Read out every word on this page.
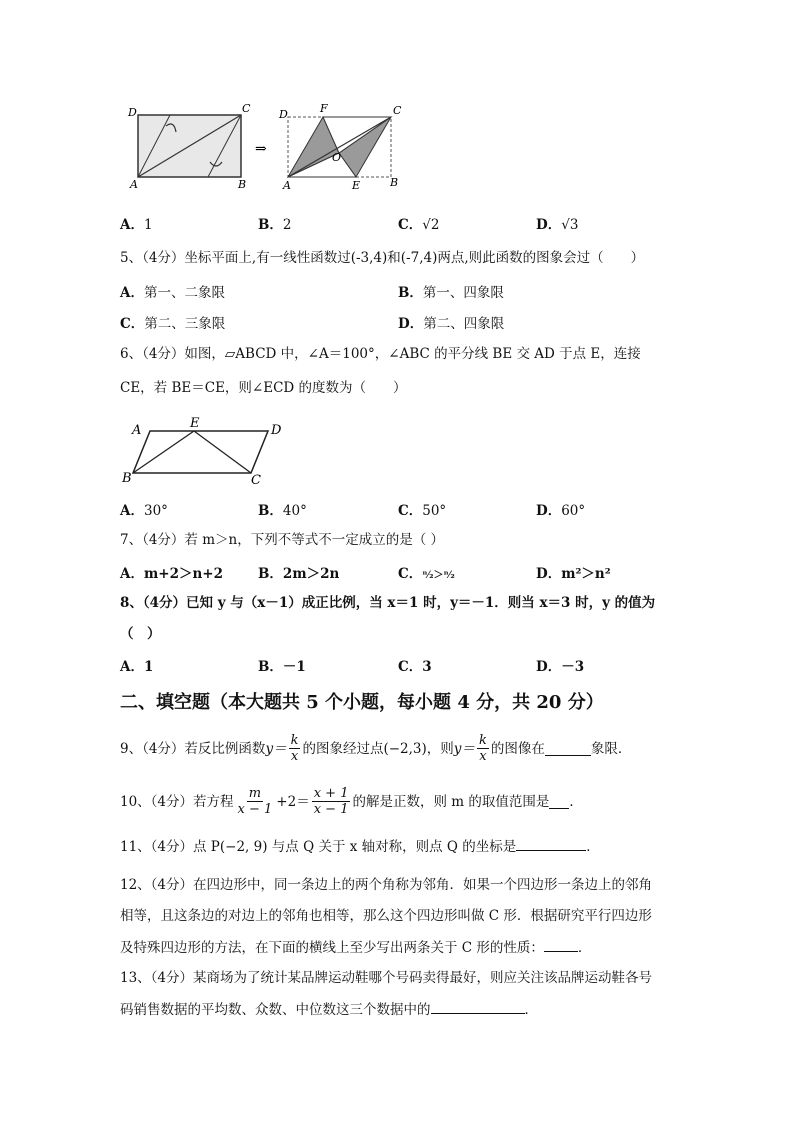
D	C
A	B
⇒
D	F	C
O
A	E	B
A．1	B．2	C．√2	D．√3
5、（4分）坐标平面上,有一线性函数过(-3,4)和(-7,4)两点,则此函数的图象会过（　　）
A．第一、二象限	B．第一、四象限
C．第二、三象限	D．第二、四象限
6、（4分）如图，▱ABCD 中，∠A＝100°，∠ABC 的平分线 BE 交 AD 于点 E，连接
CE，若 BE＝CE，则∠ECD 的度数为（　　）
A	E	D
B	C
A．30°	B．40°	C．50°	D．60°
7、（4分）若 m＞n，下列不等式不一定成立的是（ ）
A．m+2＞n+2	B．2m＞2n	C．ⁿ⁄₂＞ⁿ⁄₂	D．m²＞n²
8、（4分）已知 y 与（x－1）成正比例，当 x＝1 时，y＝－1．则当 x＝3 时，y 的值为
（　）
A．1	B．－1	C．3	D．－3
二、填空题（本大题共 5 个小题，每小题 4 分，共 20 分）
9、（4分）若反比例函数 $y= \frac{k}{x}$ 的图象经过点(−2,3)，则 $y= \frac{k}{x}$ 的图像在	象限．
10、（4分）若方程 $\frac{m}{x - 1} +2= \frac{x + 1}{x - 1}$ 的解是正数，则 m 的取值范围是 ．
11、（4分）点 P(−2, 9) 与点 Q 关于 x 轴对称，则点 Q 的坐标是	．
12、（4分）在四边形中，同一条边上的两个角称为邻角．如果一个四边形一条边上的邻角
相等，且这条边的对边上的邻角也相等，那么这个四边形叫做 C 形．根据研究平行四边形
及特殊四边形的方法，在下面的横线上至少写出两条关于 C 形的性质：	．
13、（4分）某商场为了统计某品牌运动鞋哪个号码卖得最好，则应关注该品牌运动鞋各号
码销售数据的平均数、众数、中位数这三个数据中的	．
